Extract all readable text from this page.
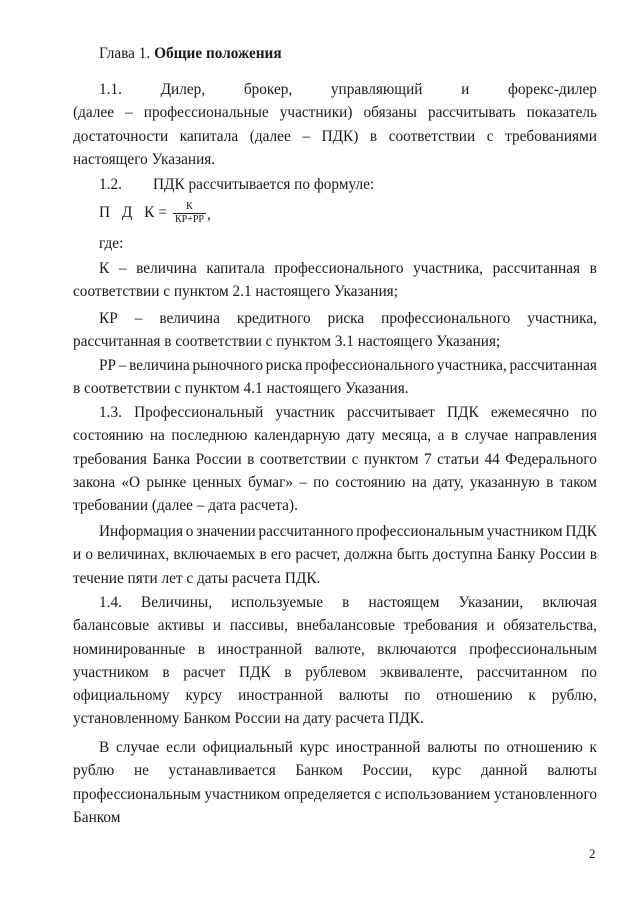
Глава 1. Общие положения
1.1.	Дилер,	брокер,	управляющий	и	форекс-дилер
(далее – профессиональные участники) обязаны рассчитывать показатель
достаточности капитала (далее – ПДК) в соответствии с требованиями
настоящего Указания.
1.2. ПДК рассчитывается по формуле:
П Д $К = \frac{К}{КР+РР}$ ,
где:
К – величина капитала профессионального участника, рассчитанная в
соответствии с пунктом 2.1 настоящего Указания;
КР – величина кредитного риска профессионального участника,
рассчитанная в соответствии с пунктом 3.1 настоящего Указания;
РР – величина рыночного риска профессионального участника, рассчитанная
в соответствии с пунктом 4.1 настоящего Указания.
1.3. Профессиональный участник рассчитывает ПДК ежемесячно по
состоянию на последнюю календарную дату месяца, а в случае направления
требования Банка России в соответствии с пунктом 7 статьи 44 Федерального
закона «О рынке ценных бумаг» – по состоянию на дату, указанную в таком
требовании (далее – дата расчета).
Информация о значении рассчитанного профессиональным участником ПДК
и о величинах, включаемых в его расчет, должна быть доступна Банку России в
течение пяти лет с даты расчета ПДК.
1.4. Величины, используемые в настоящем Указании, включая
балансовые активы и пассивы, внебалансовые требования и обязательства,
номинированные в иностранной валюте, включаются профессиональным
участником в расчет ПДК в рублевом эквиваленте, рассчитанном по
официальному курсу иностранной валюты по отношению к рублю,
установленному Банком России на дату расчета ПДК.
В случае если официальный курс иностранной валюты по отношению к
рублю не устанавливается Банком России, курс данной валюты
профессиональным участником определяется с использованием установленного
Банком
2
